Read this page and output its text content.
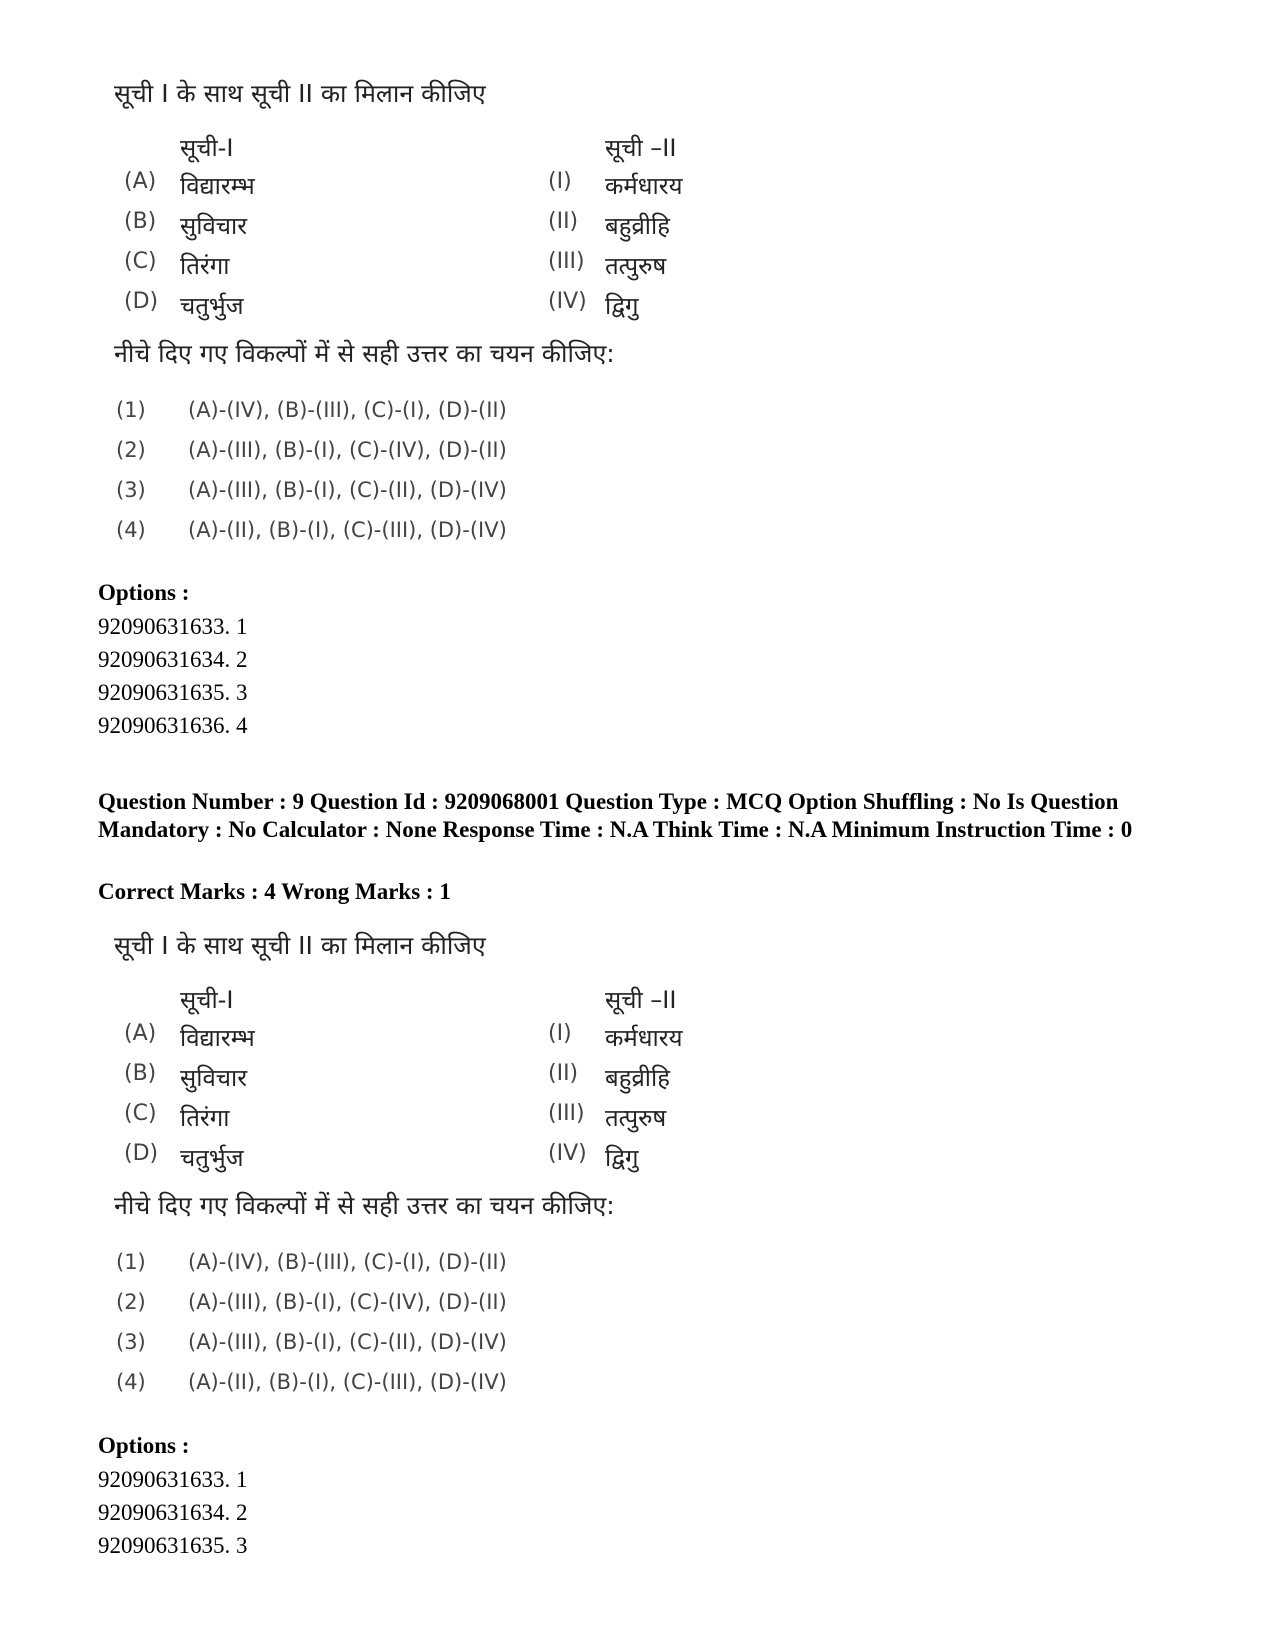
सूची I के साथ सूची II का मिलान कीजिए
सूची-I	सूची –II
(A) विद्यारम्भ	(I) कर्मधारय
(B) सुविचार	(II) बहुव्रीहि
(C) तिरंगा	(III) तत्पुरुष
(D) चतुर्भुज	(IV) द्विगु
नीचे दिए गए विकल्पों में से सही उत्तर का चयन कीजिए:
(1) (A)-(IV), (B)-(III), (C)-(I), (D)-(II)
(2) (A)-(III), (B)-(I), (C)-(IV), (D)-(II)
(3) (A)-(III), (B)-(I), (C)-(II), (D)-(IV)
(4) (A)-(II), (B)-(I), (C)-(III), (D)-(IV)
Options :
92090631633. 1
92090631634. 2
92090631635. 3
92090631636. 4
Question Number : 9 Question Id : 9209068001 Question Type : MCQ Option Shuffling : No Is Question Mandatory : No Calculator : None Response Time : N.A Think Time : N.A Minimum Instruction Time : 0
Correct Marks : 4 Wrong Marks : 1
सूची I के साथ सूची II का मिलान कीजिए
सूची-I	सूची –II
(A) विद्यारम्भ	(I) कर्मधारय
(B) सुविचार	(II) बहुव्रीहि
(C) तिरंगा	(III) तत्पुरुष
(D) चतुर्भुज	(IV) द्विगु
नीचे दिए गए विकल्पों में से सही उत्तर का चयन कीजिए:
(1) (A)-(IV), (B)-(III), (C)-(I), (D)-(II)
(2) (A)-(III), (B)-(I), (C)-(IV), (D)-(II)
(3) (A)-(III), (B)-(I), (C)-(II), (D)-(IV)
(4) (A)-(II), (B)-(I), (C)-(III), (D)-(IV)
Options :
92090631633. 1
92090631634. 2
92090631635. 3
